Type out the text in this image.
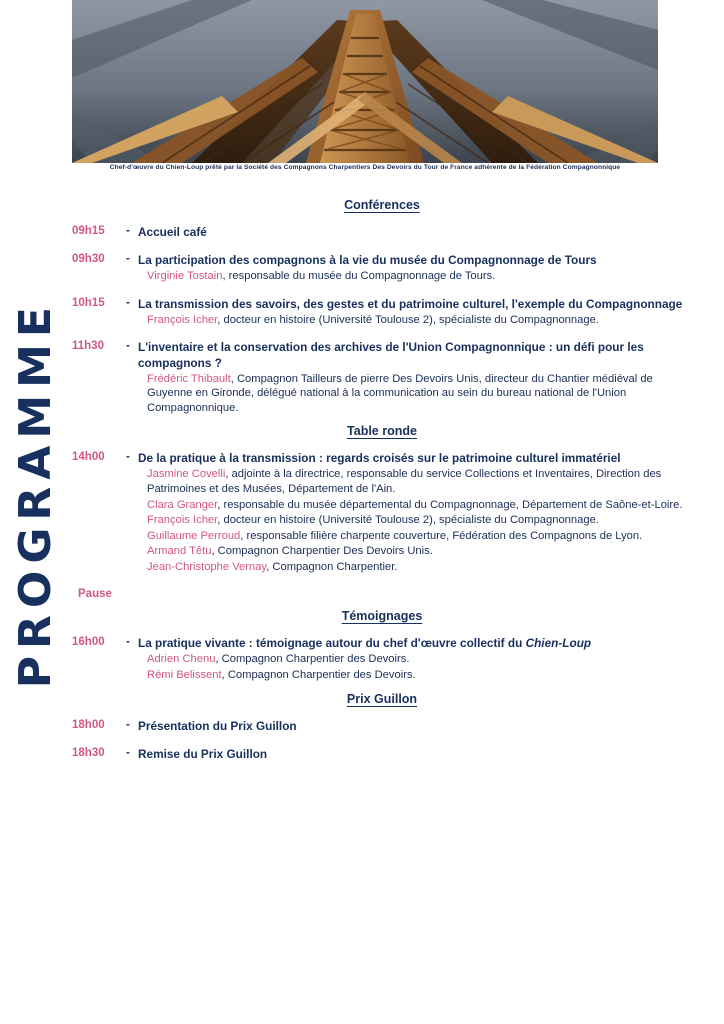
PROGRAMME
Chef-d'œuvre du Chien-Loup prêté par la Société des Compagnons Charpentiers Des Devoirs du Tour de France adhérente de la Fédération Compagnonnique
Conférences
09h15	- Accueil café
09h30	- La participation des compagnons à la vie du musée du Compagnonnage de Tours
Virginie Tostain, responsable du musée du Compagnonnage de Tours.
10h15	- La transmission des savoirs, des gestes et du patrimoine culturel, l'exemple du Compagnonnage
François Icher, docteur en histoire (Université Toulouse 2), spécialiste du Compagnonnage.
11h30	- L'inventaire et la conservation des archives de l'Union Compagnonnique : un défi pour les compagnons ?
Frédéric Thibault, Compagnon Tailleurs de pierre Des Devoirs Unis, directeur du Chantier médiéval de Guyenne en Gironde, délégué national à la communication au sein du bureau national de l'Union Compagnonnique.
Table ronde
14h00	- De la pratique à la transmission : regards croisés sur le patrimoine culturel immatériel
Jasmine Covelli, adjointe à la directrice, responsable du service Collections et Inventaires, Direction des Patrimoines et des Musées, Département de l'Ain.
Clara Granger, responsable du musée départemental du Compagnonnage, Département de Saône-et-Loire.
François Icher, docteur en histoire (Université Toulouse 2), spécialiste du Compagnonnage.
Guillaume Perroud, responsable filière charpente couverture, Fédération des Compagnons de Lyon.
Armand Têtu, Compagnon Charpentier Des Devoirs Unis.
Jean-Christophe Vernay, Compagnon Charpentier.
Pause
Témoignages
16h00	- La pratique vivante : témoignage autour du chef d'œuvre collectif du Chien-Loup
Adrien Chenu, Compagnon Charpentier des Devoirs.
Rémi Belissent, Compagnon Charpentier des Devoirs.
Prix Guillon
18h00	- Présentation du Prix Guillon
18h30	- Remise du Prix Guillon
